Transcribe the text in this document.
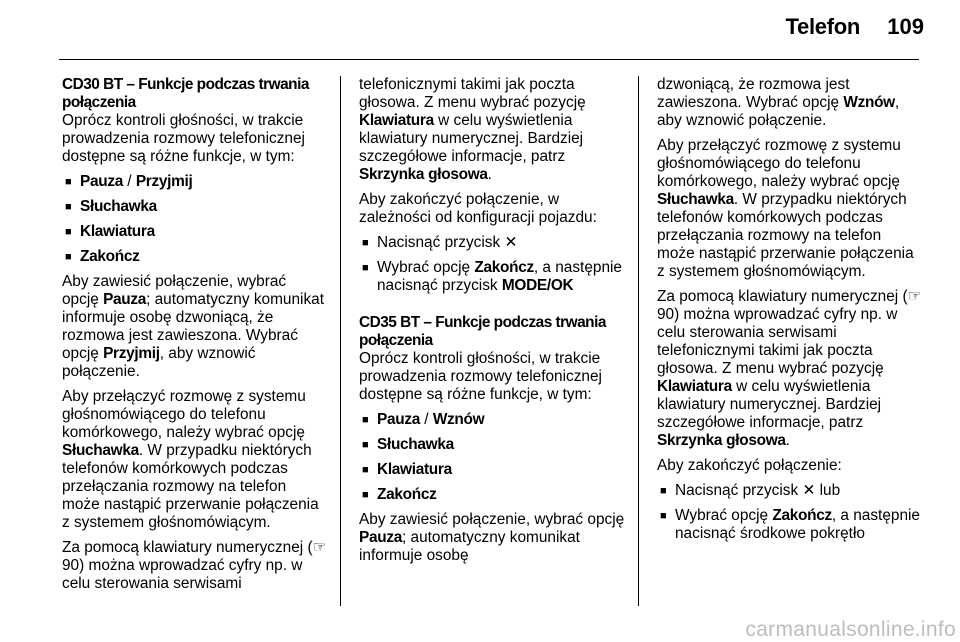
Telefon	109
CD30 BT – Funkcje podczas trwania połączenia
Oprócz kontroli głośności, w trakcie prowadzenia rozmowy telefonicznej dostępne są różne funkcje, w tym:
■ Pauza / Przyjmij
■ Słuchawka
■ Klawiatura
■ Zakończ
Aby zawiesić połączenie, wybrać opcję Pauza; automatyczny komunikat informuje osobę dzwoniącą, że rozmowa jest zawieszona. Wybrać opcję Przyjmij, aby wznowić połączenie.
Aby przełączyć rozmowę z systemu głośnomówiącego do telefonu komórkowego, należy wybrać opcję Słuchawka. W przypadku niektórych telefonów komórkowych podczas przełączania rozmowy na telefon może nastąpić przerwanie połączenia z systemem głośnomówiącym.
Za pomocą klawiatury numerycznej (☞ 90) można wprowadzać cyfry np. w celu sterowania serwisami
telefonicznymi takimi jak poczta głosowa. Z menu wybrać pozycję Klawiatura w celu wyświetlenia klawiatury numerycznej. Bardziej szczegółowe informacje, patrz Skrzynka głosowa.
Aby zakończyć połączenie, w zależności od konfiguracji pojazdu:
■ Nacisnąć przycisk ✕
■ Wybrać opcję Zakończ, a następnie nacisnąć przycisk MODE/OK
CD35 BT – Funkcje podczas trwania połączenia
Oprócz kontroli głośności, w trakcie prowadzenia rozmowy telefonicznej dostępne są różne funkcje, w tym:
■ Pauza / Wznów
■ Słuchawka
■ Klawiatura
■ Zakończ
Aby zawiesić połączenie, wybrać opcję Pauza; automatyczny komunikat informuje osobę
dzwoniącą, że rozmowa jest zawieszona. Wybrać opcję Wznów, aby wznowić połączenie.
Aby przełączyć rozmowę z systemu głośnomówiącego do telefonu komórkowego, należy wybrać opcję Słuchawka. W przypadku niektórych telefonów komórkowych podczas przełączania rozmowy na telefon może nastąpić przerwanie połączenia z systemem głośnomówiącym.
Za pomocą klawiatury numerycznej (☞ 90) można wprowadzać cyfry np. w celu sterowania serwisami telefonicznymi takimi jak poczta głosowa. Z menu wybrać pozycję Klawiatura w celu wyświetlenia klawiatury numerycznej. Bardziej szczegółowe informacje, patrz Skrzynka głosowa.
Aby zakończyć połączenie:
■ Nacisnąć przycisk ✕ lub
■ Wybrać opcję Zakończ, a następnie nacisnąć środkowe pokrętło
carmanualsonline.info
